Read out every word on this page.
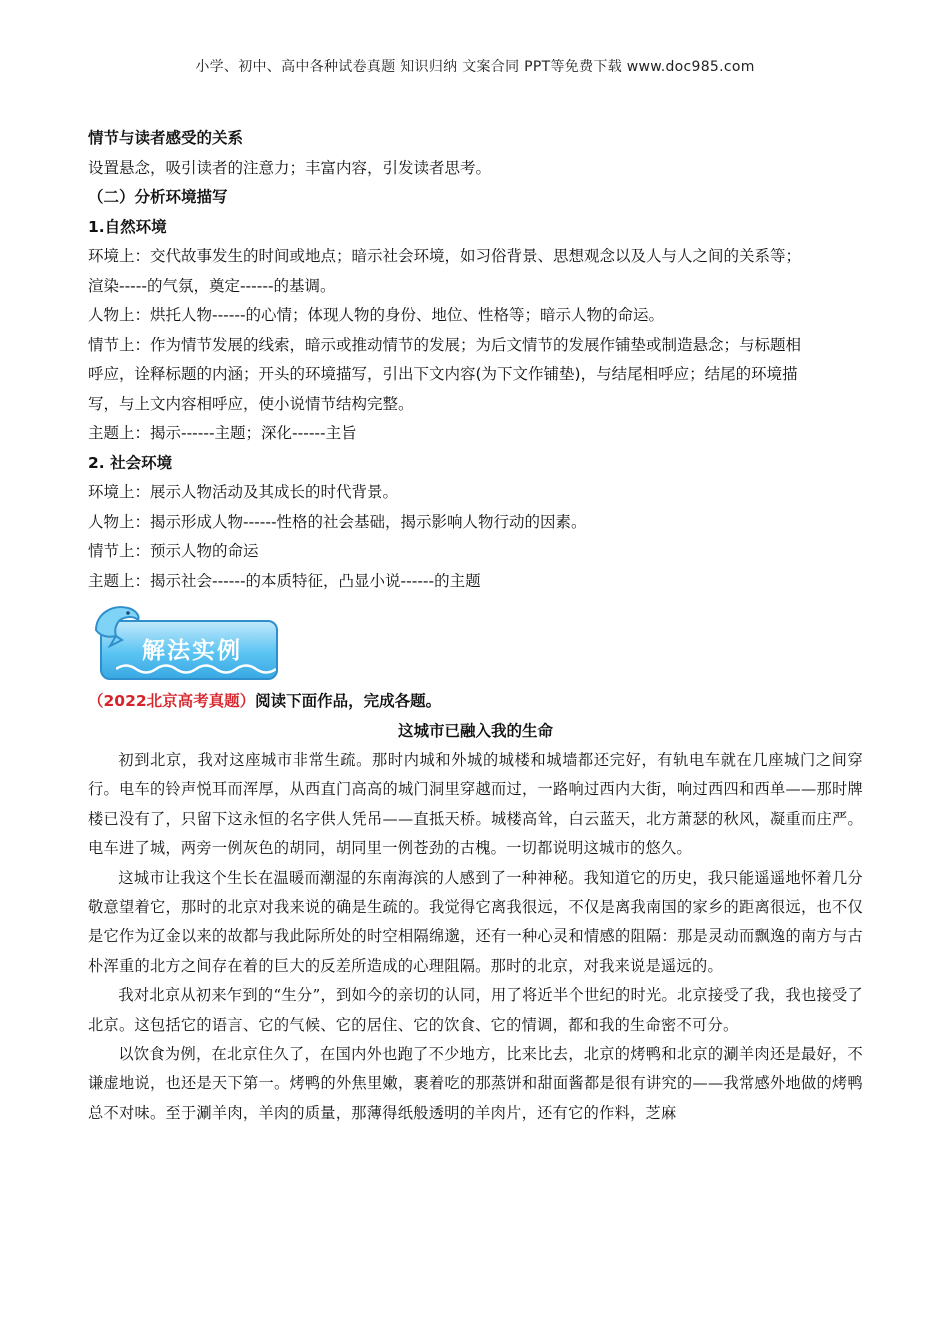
小学、初中、高中各种试卷真题 知识归纳 文案合同 PPT等免费下载 www.doc985.com

情节与读者感受的关系

设置悬念，吸引读者的注意力；丰富内容，引发读者思考。

（二）分析环境描写

1.自然环境

环境上：交代故事发生的时间或地点；暗示社会环境，如习俗背景、思想观念以及人与人之间的关系等；

渲染-----的气氛，奠定------的基调。

人物上：烘托人物------的心情；体现人物的身份、地位、性格等；暗示人物的命运。

情节上：作为情节发展的线索，暗示或推动情节的发展；为后文情节的发展作铺垫或制造悬念；与标题相

呼应，诠释标题的内涵；开头的环境描写，引出下文内容(为下文作铺垫)，与结尾相呼应；结尾的环境描

写，与上文内容相呼应，使小说情节结构完整。

主题上：揭示------主题；深化------主旨

2. 社会环境

环境上：展示人物活动及其成长的时代背景。

人物上：揭示形成人物------性格的社会基础，揭示影响人物行动的因素。

情节上：预示人物的命运

主题上：揭示社会------的本质特征，凸显小说------的主题

解法实例

（2022北京高考真题）阅读下面作品，完成各题。

这城市已融入我的生命

初到北京，我对这座城市非常生疏。那时内城和外城的城楼和城墙都还完好，有轨电车就在几座城门之间穿行。电车的铃声悦耳而浑厚，从西直门高高的城门洞里穿越而过，一路响过西内大街，响过西四和西单——那时牌楼已没有了，只留下这永恒的名字供人凭吊——直抵天桥。城楼高耸，白云蓝天，北方萧瑟的秋风，凝重而庄严。电车进了城，两旁一例灰色的胡同，胡同里一例苍劲的古槐。一切都说明这城市的悠久。

这城市让我这个生长在温暖而潮湿的东南海滨的人感到了一种神秘。我知道它的历史，我只能遥遥地怀着几分敬意望着它，那时的北京对我来说的确是生疏的。我觉得它离我很远，不仅是离我南国的家乡的距离很远，也不仅是它作为辽金以来的故都与我此际所处的时空相隔绵邈，还有一种心灵和情感的阻隔：那是灵动而飘逸的南方与古朴浑重的北方之间存在着的巨大的反差所造成的心理阻隔。那时的北京，对我来说是遥远的。

我对北京从初来乍到的“生分”，到如今的亲切的认同，用了将近半个世纪的时光。北京接受了我，我也接受了北京。这包括它的语言、它的气候、它的居住、它的饮食、它的情调，都和我的生命密不可分。

以饮食为例，在北京住久了，在国内外也跑了不少地方，比来比去，北京的烤鸭和北京的涮羊肉还是最好，不谦虚地说，也还是天下第一。烤鸭的外焦里嫩，裹着吃的那蒸饼和甜面酱都是很有讲究的——我常感外地做的烤鸭总不对味。至于涮羊肉，羊肉的质量，那薄得纸般透明的羊肉片，还有它的作料，芝麻
